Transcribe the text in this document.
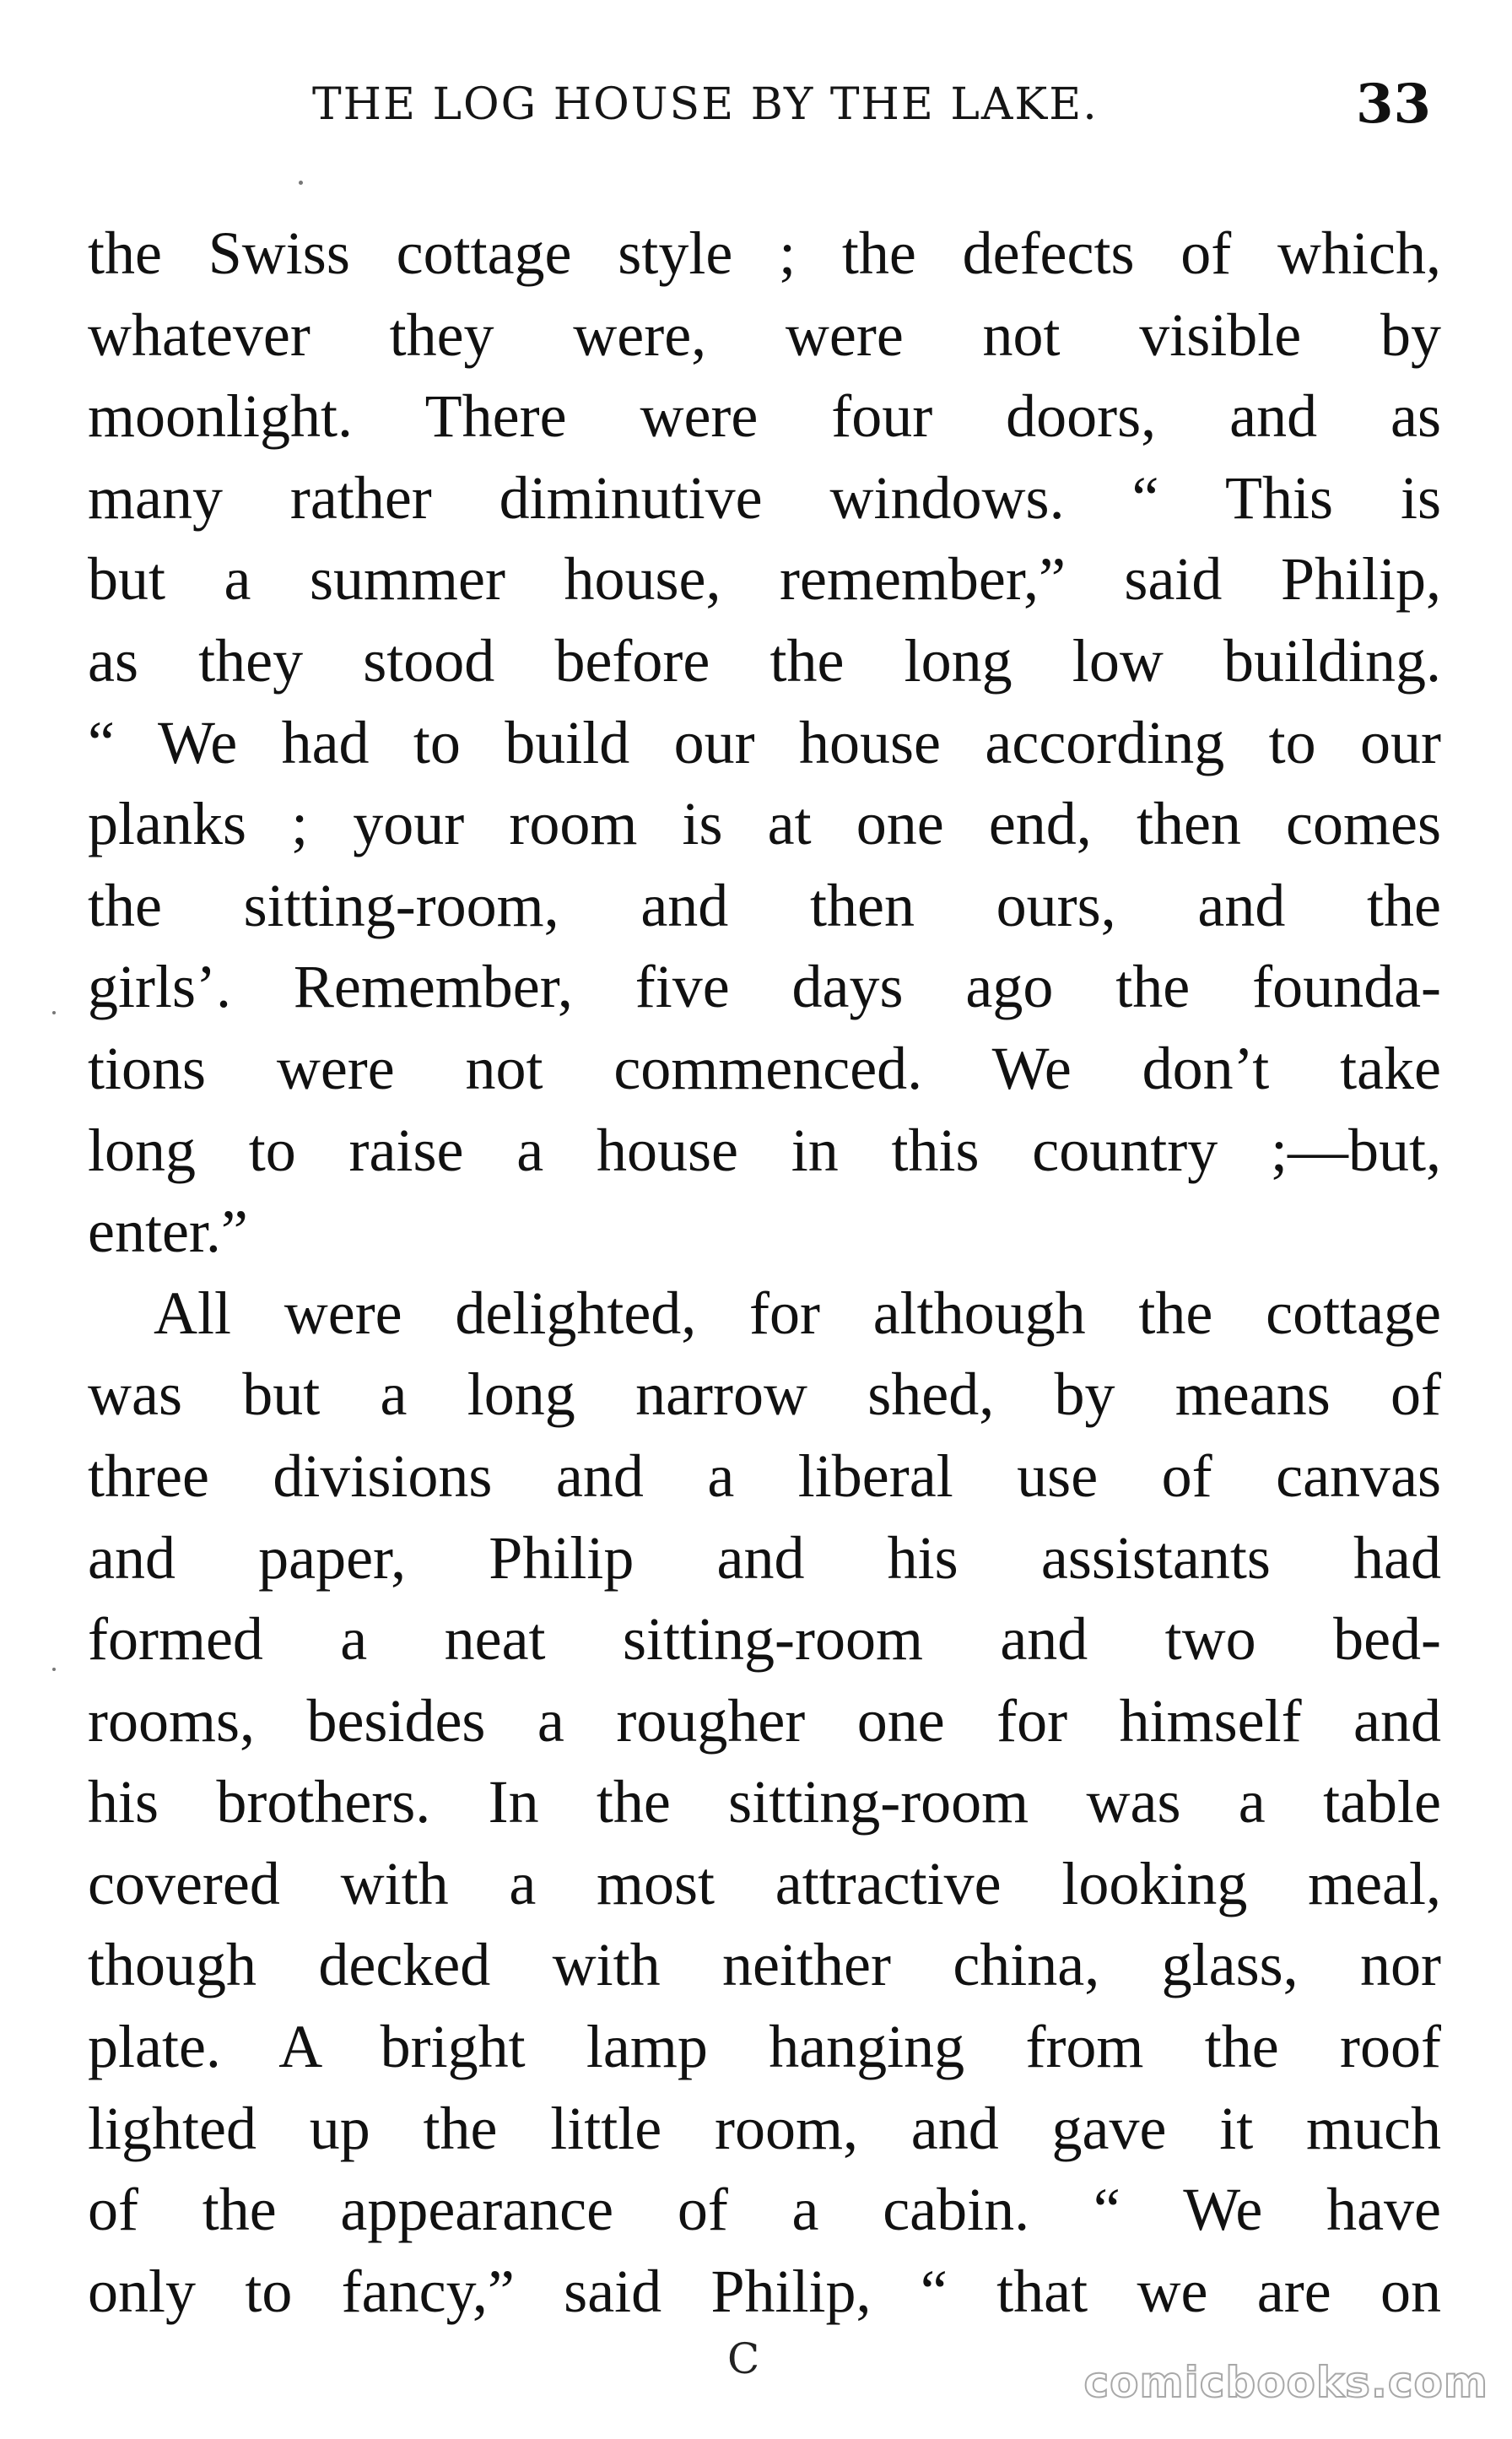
THE LOG HOUSE BY THE LAKE.	33
the Swiss cottage style ; the defects of which,
whatever they were, were not visible by
moonlight. There were four doors, and as
many rather diminutive windows. “ This is
but a summer house, remember,” said Philip,
as they stood before the long low building.
“ We had to build our house according to our
planks ; your room is at one end, then comes
the sitting-room, and then ours, and the
girls’. Remember, five days ago the founda-
tions were not commenced. We don’t take
long to raise a house in this country ;—but,
enter.”
All were delighted, for although the cottage
was but a long narrow shed, by means of
three divisions and a liberal use of canvas
and paper, Philip and his assistants had
formed a neat sitting-room and two bed-
rooms, besides a rougher one for himself and
his brothers. In the sitting-room was a table
covered with a most attractive looking meal,
though decked with neither china, glass, nor
plate. A bright lamp hanging from the roof
lighted up the little room, and gave it much
of the appearance of a cabin. “ We have
only to fancy,” said Philip, “ that we are on
C	comicbooks.com
